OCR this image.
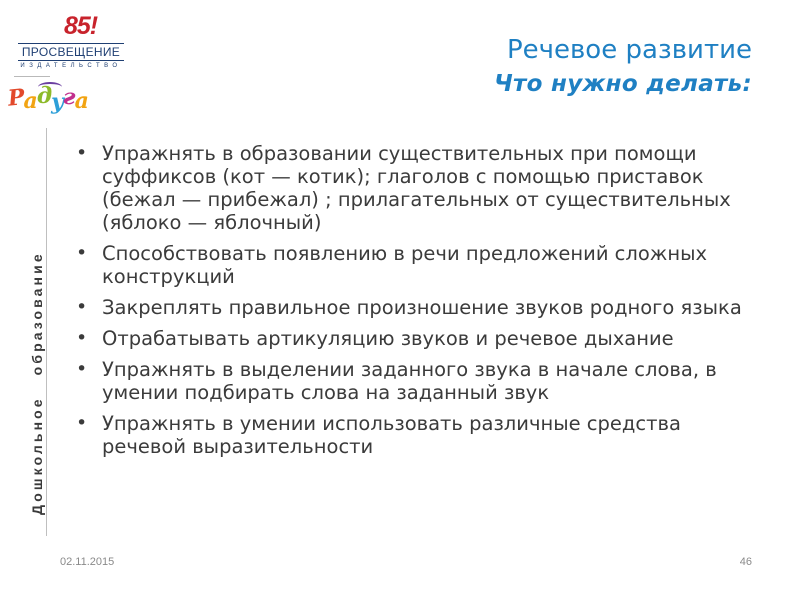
85!
ПРОСВЕЩЕНИЕ
ИЗДАТЕЛЬСТВО
Радуга
Дошкольное образование
Речевое развитие
Что нужно делать:
• Упражнять в образовании существительных при помощи суффиксов (кот — котик); глаголов с помощью приставок (бежал — прибежал) ; прилагательных от существительных (яблоко — яблочный)
• Способствовать появлению в речи предложений сложных конструкций
• Закреплять правильное произношение звуков родного языка
• Отрабатывать артикуляцию звуков и речевое дыхание
• Упражнять в выделении заданного звука в начале слова, в умении подбирать слова на заданный звук
• Упражнять в умении использовать различные средства речевой выразительности
02.11.2015	46
